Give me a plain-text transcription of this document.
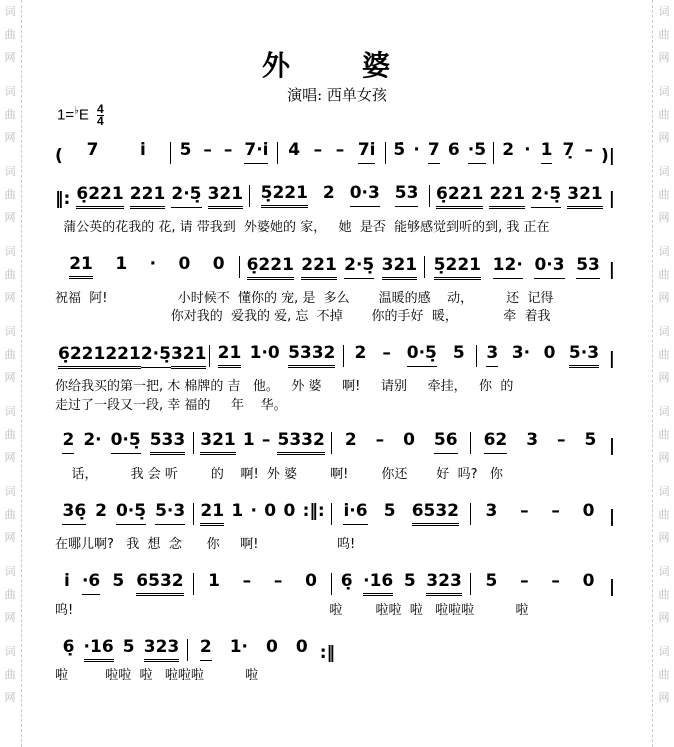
词
曲
网
词
曲
网
词
曲
网
词
曲
网
词
曲
网
词
曲
网
词
曲
网
词
曲
网
词
曲
网
词
曲
网
词
曲
网
词
曲
网
词
曲
网
词
曲
网
词
曲
网
词
曲
网
词
曲
网
词
曲
网
外　婆
演唱: 西单女孩
$1=^♭E \frac{4}{4}$
( 7 i̇ 5 – – 7·i̇ 4 – – 7i̇ 5̇ · 7 6 ·5 2 · 1 7̣ – )|
‖: 6̣221 221 2·5̣ 321 5̣221 2 0·3 53 6̣221 221 2·5̣ 321 |
21 1 · 0 0 6̣221 221 2·5̣ 321 5̣221 12· 0·3 53 |
6̣221 221 2·5̣ 321 21 1·0 5332 2 – 0·5̣ 5 3 3· 0 5·3 |
2 2· 0·5̣ 533 321 1 – 5332 2 – 0 56 62 3 – 5 |
36̣ 2 0·5̣ 5·3 21 1 · 0 0 :‖: i̇·6 5 6532 3 – – 0 |
i̇ ·6 5 6532 1 – – 0 6̣ ·16 5 323 5 – – 0 |
6̣ ·16 5 323 2 1· 0 0 :‖
蒲公英的花我的 花, 请 带我到  外婆她的 家，   她  是否  能够感觉到听的到, 我 正在
祝福  阿!                 小时候不  懂你的 宠, 是  多么       温暖的感    动，        还  记得
你对我的  爱我的 爱, 忘  不掉       你的手好  暖，           牵  着我
你给我买的第一把, 木 棉牌的 吉   他。   外 婆     啊!     请别     牵挂，   你  的
走过了一段又一段, 幸 福的     年    华。
话，        我 会 听        的    啊!  外 婆        啊!        你还       好  吗?   你
在哪儿啊?   我  想  念      你     啊!                   呜!
呜!                                                              啦        啦啦  啦   啦啦啦          啦
啦         啦啦  啦   啦啦啦          啦
